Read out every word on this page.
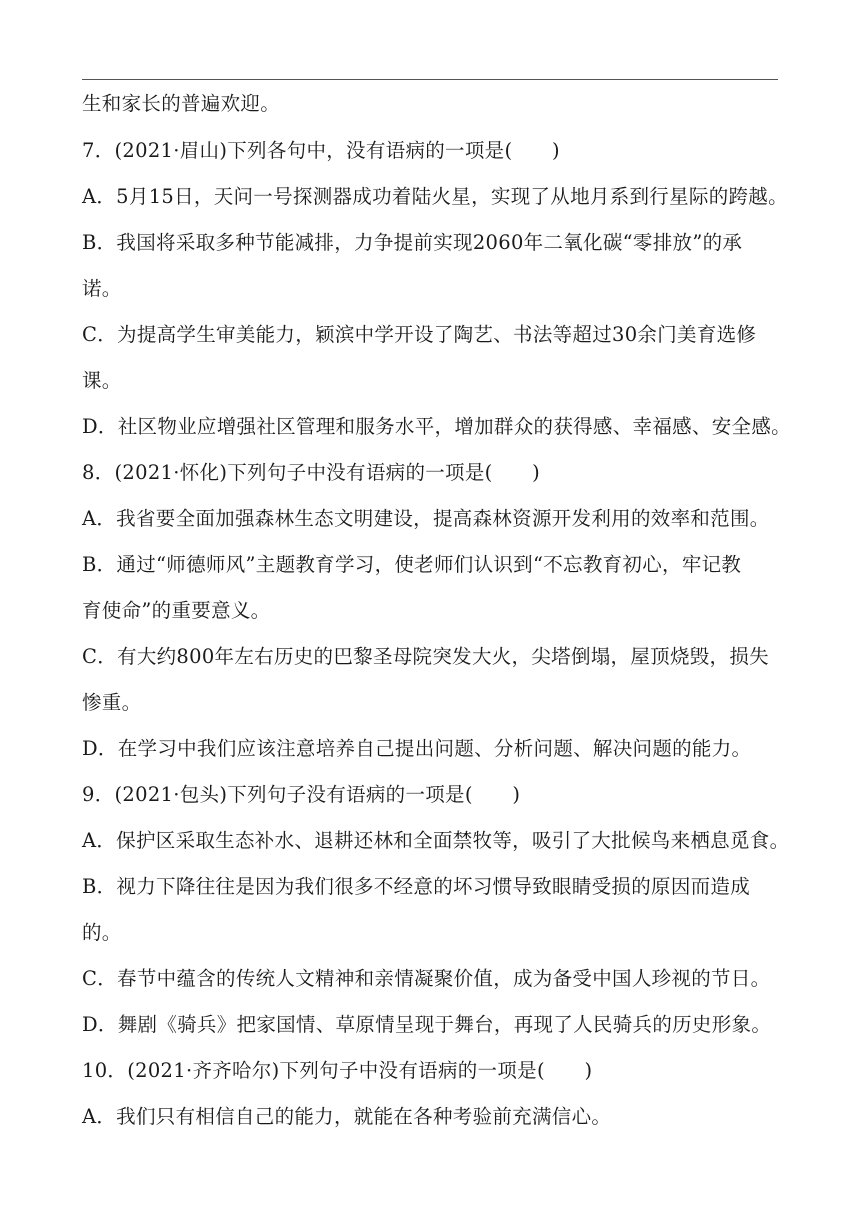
生和家长的普遍欢迎。
7．(2021·眉山)下列各句中，没有语病的一项是(　　)
A．5月15日，天问一号探测器成功着陆火星，实现了从地月系到行星际的跨越。
B．我国将采取多种节能减排，力争提前实现2060年二氧化碳“零排放”的承
诺。
C．为提高学生审美能力，颖滨中学开设了陶艺、书法等超过30余门美育选修
课。
D．社区物业应增强社区管理和服务水平，增加群众的获得感、幸福感、安全感。
8．(2021·怀化)下列句子中没有语病的一项是(　　)
A．我省要全面加强森林生态文明建设，提高森林资源开发利用的效率和范围。
B．通过“师德师风”主题教育学习，使老师们认识到“不忘教育初心，牢记教
育使命”的重要意义。
C．有大约800年左右历史的巴黎圣母院突发大火，尖塔倒塌，屋顶烧毁，损失
惨重。
D．在学习中我们应该注意培养自己提出问题、分析问题、解决问题的能力。
9．(2021·包头)下列句子没有语病的一项是(　　)
A．保护区采取生态补水、退耕还林和全面禁牧等，吸引了大批候鸟来栖息觅食。
B．视力下降往往是因为我们很多不经意的坏习惯导致眼睛受损的原因而造成
的。
C．春节中蕴含的传统人文精神和亲情凝聚价值，成为备受中国人珍视的节日。
D．舞剧《骑兵》把家国情、草原情呈现于舞台，再现了人民骑兵的历史形象。
10．(2021·齐齐哈尔)下列句子中没有语病的一项是(　　)
A．我们只有相信自己的能力，就能在各种考验前充满信心。
